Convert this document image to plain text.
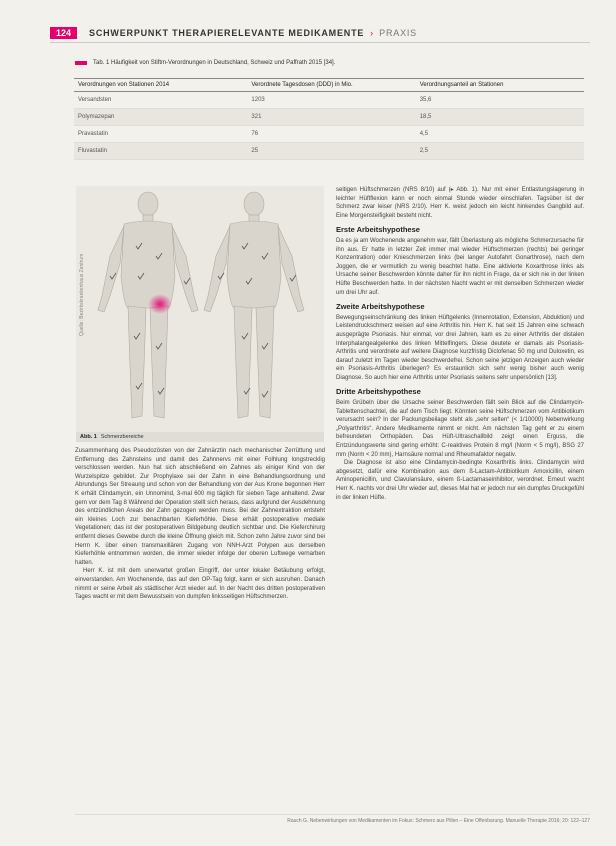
124	SCHWERPUNKT THERAPIERELEVANTE MEDIKAMENTE › PRAXIS
Tab. 1 Häufigkeit von Stiftm-Verordnungen in Deutschland, Schweiz und Paffrath 2015 [34].
Verordnungen von Stationen 2014	Verordnete Tagesdosen (DDD) in Mio.	Verordnungsanteil an Stationen
Versandsten	1203	35,6
Polymazepan	321	18,5
Pravastatin	76	4,5
Fluvastatin	25	2,5
Quelle: Bezirkskrankenhaus Zentrum
Abb. 1 Schmerzbereiche

Zusammenhang des Pseudozösten von der Zahnärztin nach mechanischer Zerrüttung und Entfernung des Zahnsteins und damit des Zahnnervs mit einer Folhlung longstrecklig verschlossen werden. Nun hat sich abschließend ein Zahnes als einiger Kind von der Wurzelspitze gebildet. Zur Prophylaxe sei der Zahn in eine Behandlungsordnung und Abrundungs Ser Streaung und schon von der Behandlung von der Aus Krone begonnen Herr K erhält Clindamycin, ein Unnomind, 3-mal 600 mg täglich für sieben Tage anhaltend. Zwar gern vor dem Tag 8 Während der Operation stellt sich heraus, dass aufgrund der Ausdehnung des entzündlichen Areals der Zahn gezogen werden muss. Bei der Zahnextraktion entsteht ein kleines Loch zur benachbarten Kieferhöhle. Diese erhält postoperative mediale Vegetationen; das ist der postoperativen Bildgebung deutlich sichtbar und. Die Kieferchirurg entfernt dieses Gewebe durch die kleine Öffnung gleich mit. Schon zehn Jahre zuvor sind bei Herrn K. über einen transmaxillären Zugang von NNH-Arzt Polypen aus derselben Kieferhöhle entnommen worden, die immer wieder infolge der oberen Luftwege vernarben hatten.

Herr K. ist mit dem unerwartet großen Eingriff, der unter lokaler Betäubung erfolgt, einverstanden. Am Wochenende, das auf den OP-Tag folgt, kann er sich ausruhen. Danach nimmt er seine Arbeit als städtischer Arzt wieder auf. In der Nacht des dritten postoperativen Tages wacht er mit dem Bewusstsein von dumpfen linksseitigen Hüftschmerzen.

seitigen Hüftschmerzen (NRS 8/10) auf (▸ Abb. 1). Nur mit einer Entlastungslagerung in leichter Hüftflexion kann er noch einmal Stunde wieder einschlafen. Tagsüber ist der Schmerz zwar leiser (NRS 2/10). Herr K. weist jedoch ein leicht hinkendes Gangbild auf. Eine Morgensteifigkeit besteht nicht.

Erste Arbeitshypothese

Da es ja am Wochenende angenehm war, fällt Überlastung als mögliche Schmerzursache für ihn aus. Er hatte in letzter Zeit immer mal wieder Hüftschmerzen (rechts) bei geringer Konzentration) oder Knieschmerzen links (bei langer Autofahrt Gonarthrose), nach dem Joggen, die er vermutlich zu wenig beachtet hatte. Eine aktivierte Koxarthrose links als Ursache seiner Beschwerden könnte daher für ihn nicht in Frage, da er sich nie in der linken Hüfte Beschwerden hatte. In der nächsten Nacht wacht er mit denselben Schmerzen wieder um drei Uhr auf.

Zweite Arbeitshypothese

Bewegungseinschränkung des linken Hüftgelenks (Innenrotation, Extension, Abduktion) und Leistendruckschmerz weisen auf eine Arthritis hin. Herr K. hat seit 15 Jahren eine schwach ausgeprägte Psoriasis. Nur einmal, vor drei Jahren, kam es zu einer Arthritis der distalen Interphalangealgelenke des linken Mittelfingers. Diese deutete er damals als Psoriasis-Arthritis und verordnete auf weitere Diagnose kurzfristig Diclofenac 50 mg und Duloxetin, es darauf zuletzt im Tagen wieder beschwerdefrei. Schon seine jetzigen Anzeigen auch wieder ein Psoriasis-Arthritis überlegen? Es erstaunlich sich sehr wenig bisher auch wenig Diagnose. So auch hier eine Arthritis unter Psoriasis seitens sehr unpersönlich [13].

Dritte Arbeitshypothese

Beim Grübeln über die Ursache seiner Beschwerden fällt sein Blick auf die Clindamycin-Tablettenschachtel, die auf dem Tisch liegt. Könnten seine Hüftschmerzen vom Antibiotikum verursacht sein? In der Packungsbeilage steht als „sehr selten“ (< 1/10000) Nebenwirkung „Polyarthritis“. Andere Medikamente nimmt er nicht. Am nächsten Tag geht er zu einem befreundeten Orthopäden. Das Hüft-Ultraschallbild zeigt einen Erguss, die Entzündungswerte sind gering erhöht: C-reaktives Protein 8 mg/l (Norm < 5 mg/l), BSG 27 mm (Norm < 20 mm), Harnsäure normal und Rheumafaktor negativ.

Die Diagnose ist also eine Clindamycin-bedingte Koxarthritis links. Clindamycin wird abgesetzt, dafür eine Kombination aus dem ß-Lactam-Antibiotikum Amoxicillin, einem Aminopenicillin, und Clavulansäure, einem ß-Lactamaseinhibitor, verordnet. Erneut wacht Herr K. nachts vor drei Uhr wieder auf, dieses Mal hat er jedoch nur ein dumpfes Druckgefühl in der linken Hüfte.

Rauch G. Nebenwirkungen von Medikamenten im Fokus: Schmerz aus Pillen – Eine Offenbarung. Manuelle Therapie 2016; 20: 122–127
